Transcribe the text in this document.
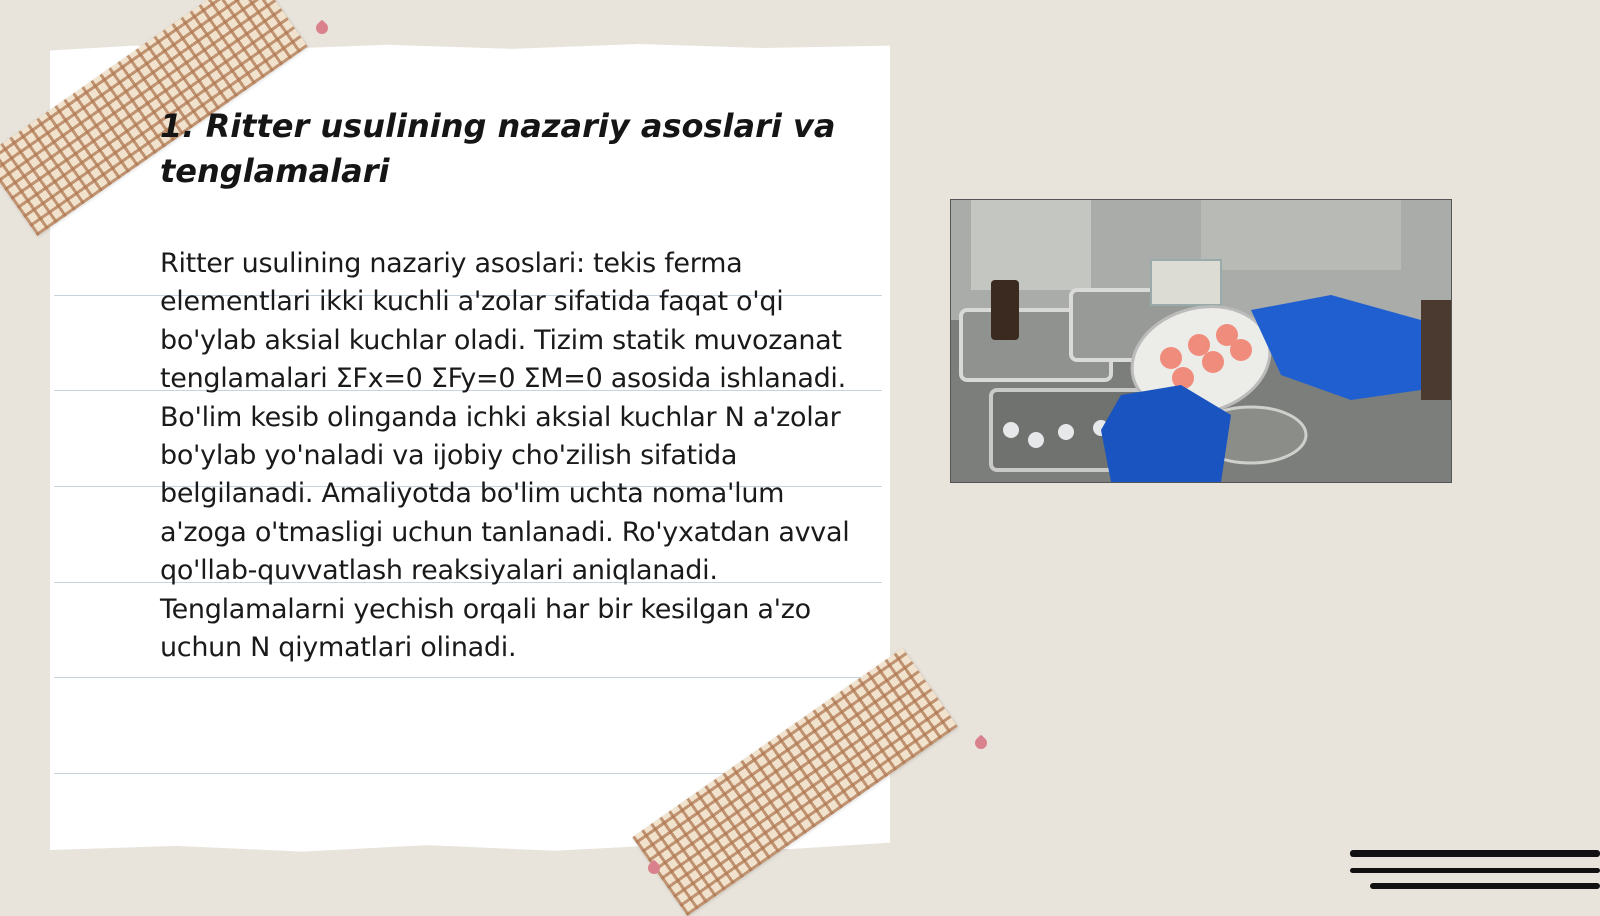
1. Ritter usulining nazariy asoslari va tenglamalari

Ritter usulining nazariy asoslari: tekis ferma elementlari ikki kuchli a'zolar sifatida faqat o'qi bo'ylab aksial kuchlar oladi. Tizim statik muvozanat tenglamalari ΣFx=0 ΣFy=0 ΣM=0 asosida ishlanadi. Bo'lim kesib olinganda ichki aksial kuchlar N a'zolar bo'ylab yo'naladi va ijobiy cho'zilish sifatida belgilanadi. Amaliyotda bo'lim uchta noma'lum a'zoga o'tmasligi uchun tanlanadi. Ro'yxatdan avval qo'llab-quvvatlash reaksiyalari aniqlanadi. Tenglamalarni yechish orqali har bir kesilgan a'zo uchun N qiymatlari olinadi.
